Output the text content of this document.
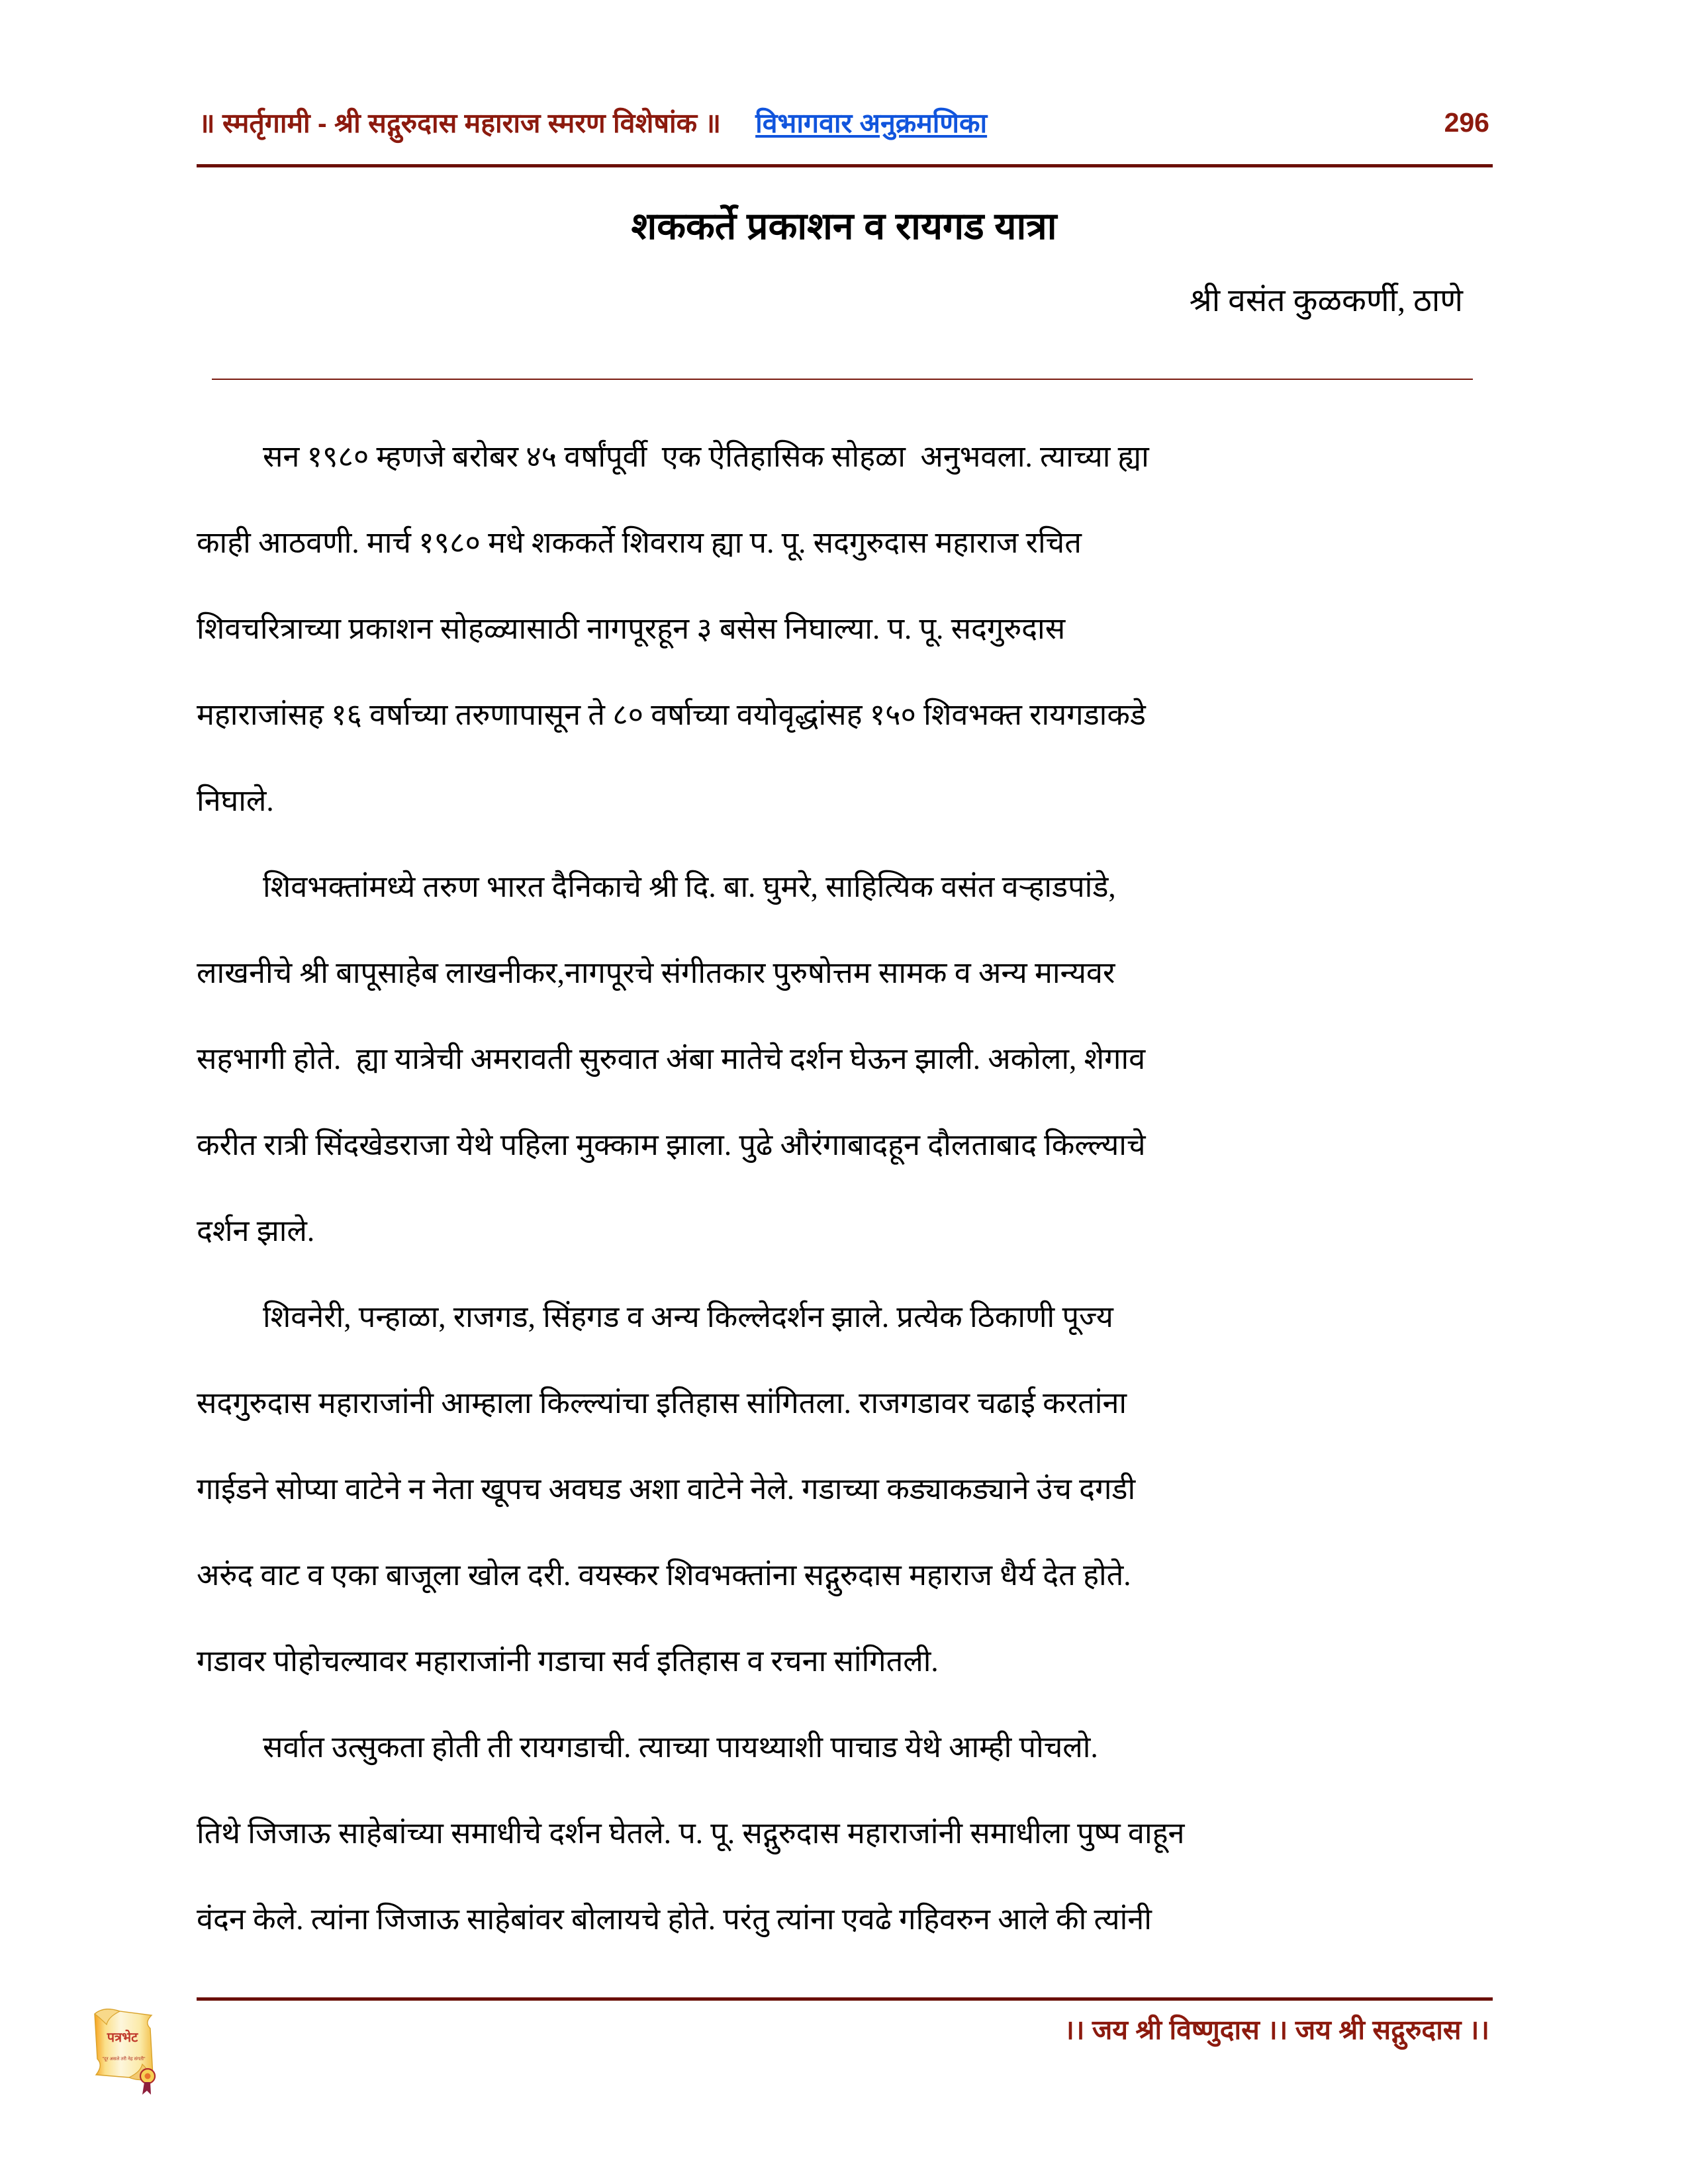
॥ स्मर्तृगामी - श्री सद्गुरुदास महाराज स्मरण विशेषांक ॥ विभागवार अनुक्रमणिका	296
शककर्ते प्रकाशन व रायगड यात्रा
श्री वसंत कुळकर्णी, ठाणे
सन १९८० म्हणजे बरोबर ४५ वर्षांपूर्वी  एक ऐतिहासिक सोहळा  अनुभवला. त्याच्या ह्या
काही आठवणी. मार्च १९८० मधे शककर्ते शिवराय ह्या प. पू. सदगुरुदास महाराज रचित
शिवचरित्राच्या प्रकाशन सोहळ्यासाठी नागपूरहून ३ बसेस निघाल्या. प. पू. सदगुरुदास
महाराजांसह १६ वर्षाच्या तरुणापासून ते ८० वर्षाच्या वयोवृद्धांसह १५० शिवभक्त रायगडाकडे
निघाले.
शिवभक्तांमध्ये तरुण भारत दैनिकाचे श्री दि. बा. घुमरे, साहित्यिक वसंत वऱ्हाडपांडे,
लाखनीचे श्री बापूसाहेब लाखनीकर,नागपूरचे संगीतकार पुरुषोत्तम सामक व अन्य मान्यवर
सहभागी होते.  ह्या यात्रेची अमरावती सुरुवात अंबा मातेचे दर्शन घेऊन झाली. अकोला, शेगाव
करीत रात्री सिंदखेडराजा येथे पहिला मुक्काम झाला. पुढे औरंगाबादहून दौलताबाद किल्ल्याचे
दर्शन झाले.
शिवनेरी, पन्हाळा, राजगड, सिंहगड व अन्य किल्लेदर्शन झाले. प्रत्येक ठिकाणी पूज्य
सदगुरुदास महाराजांनी आम्हाला किल्ल्यांचा इतिहास सांगितला. राजगडावर चढाई करतांना
गाईडने सोप्या वाटेने न नेता खूपच अवघड अशा वाटेने नेले. गडाच्या कड्याकड्याने उंच दगडी
अरुंद वाट व एका बाजूला खोल दरी. वयस्कर शिवभक्तांना सद्गुरुदास महाराज धैर्य देत होते.
गडावर पोहोचल्यावर महाराजांनी गडाचा सर्व इतिहास व रचना सांगितली.
सर्वात उत्सुकता होती ती रायगडाची. त्याच्या पायथ्याशी पाचाड येथे आम्ही पोचलो.
तिथे जिजाऊ साहेबांच्या समाधीचे दर्शन घेतले. प. पू. सद्गुरुदास महाराजांनी समाधीला पुष्प वाहून
वंदन केले. त्यांना जिजाऊ साहेबांवर बोलायचे होते. परंतु त्यांना एवढे गहिवरुन आले की त्यांनी
।। जय श्री विष्णुदास ।। जय श्री सद्गुरुदास ।।
पत्रभेट
"दूर असले तरी नेह संगती"
